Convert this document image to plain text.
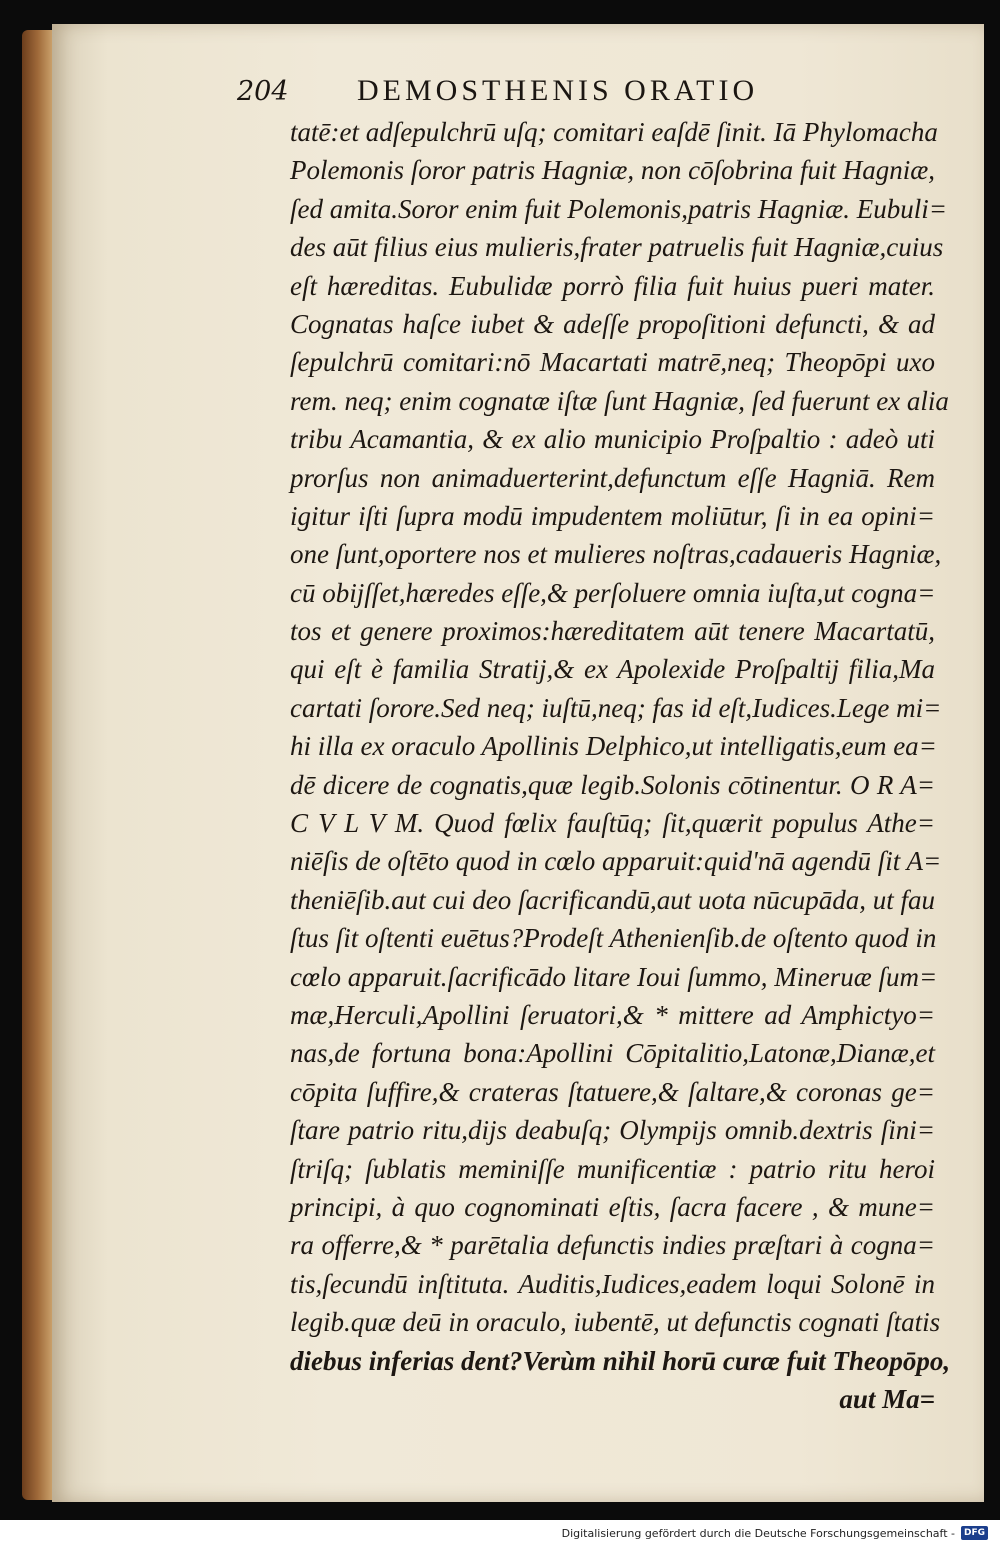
204	DEMOSTHENIS ORATIO
tatē:et adſepulchrū uſq; comitari eaſdē ſinit. Iā Phylomacha
Polemonis ſoror patris Hagniæ, non cōſobrina fuit Hagniæ,
ſed amita.Soror enim fuit Polemonis,patris Hagniæ. Eubuli=
des aūt filius eius mulieris,frater patruelis fuit Hagniæ,cuius
eſt hæreditas. Eubulidæ porrò filia fuit huius pueri mater.
Cognatas haſce iubet & adeſſe propoſitioni defuncti, & ad
ſepulchrū comitari:nō Macartati matrē,neq; Theopōpi uxo
rem. neq; enim cognatæ iſtæ ſunt Hagniæ, ſed fuerunt ex alia
tribu Acamantia, & ex alio municipio Proſpaltio : adeò uti
prorſus non animaduerterint,defunctum eſſe Hagniā. Rem
igitur iſti ſupra modū impudentem moliūtur, ſi in ea opini=
one ſunt,oportere nos et mulieres noſtras,cadaueris Hagniæ,
cū obijſſet,hæredes eſſe,& perſoluere omnia iuſta,ut cogna=
tos et genere proximos:hæreditatem aūt tenere Macartatū,
qui eſt è familia Stratij,& ex Apolexide Proſpaltij filia,Ma
cartati ſorore.Sed neq; iuſtū,neq; fas id eſt,Iudices.Lege mi=
hi illa ex oraculo Apollinis Delphico,ut intelligatis,eum ea=
dē dicere de cognatis,quæ legib.Solonis cōtinentur. O R A=
C V L V M. Quod fœlix fauſtūq; ſit,quærit populus Athe=
niēſis de oſtēto quod in cœlo apparuit:quid'nā agendū ſit A=
theniēſib.aut cui deo ſacrificandū,aut uota nūcupāda, ut fau
ſtus ſit oſtenti euētus?Prodeſt Athenienſib.de oſtento quod in
cœlo apparuit.ſacrificādo litare Ioui ſummo, Mineruæ ſum=
mæ,Herculi,Apollini ſeruatori,& * mittere ad Amphictyo=
nas,de fortuna bona:Apollini Cōpitalitio,Latonæ,Dianæ,et
cōpita ſuffire,& crateras ſtatuere,& ſaltare,& coronas ge=
ſtare patrio ritu,dijs deabuſq; Olympijs omnib.dextris ſini=
ſtriſq; ſublatis meminiſſe munificentiæ : patrio ritu heroi
principi, à quo cognominati eſtis, ſacra facere , & mune=
ra offerre,& * parētalia defunctis indies præſtari à cogna=
tis,ſecundū inſtituta. Auditis,Iudices,eadem loqui Solonē in
legib.quæ deū in oraculo, iubentē, ut defunctis cognati ſtatis
diebus inferias dent?Verùm nihil horū curæ fuit Theopōpo,
aut Ma=
Digitalisierung gefördert durch die Deutsche Forschungsgemeinschaft -	DFG
